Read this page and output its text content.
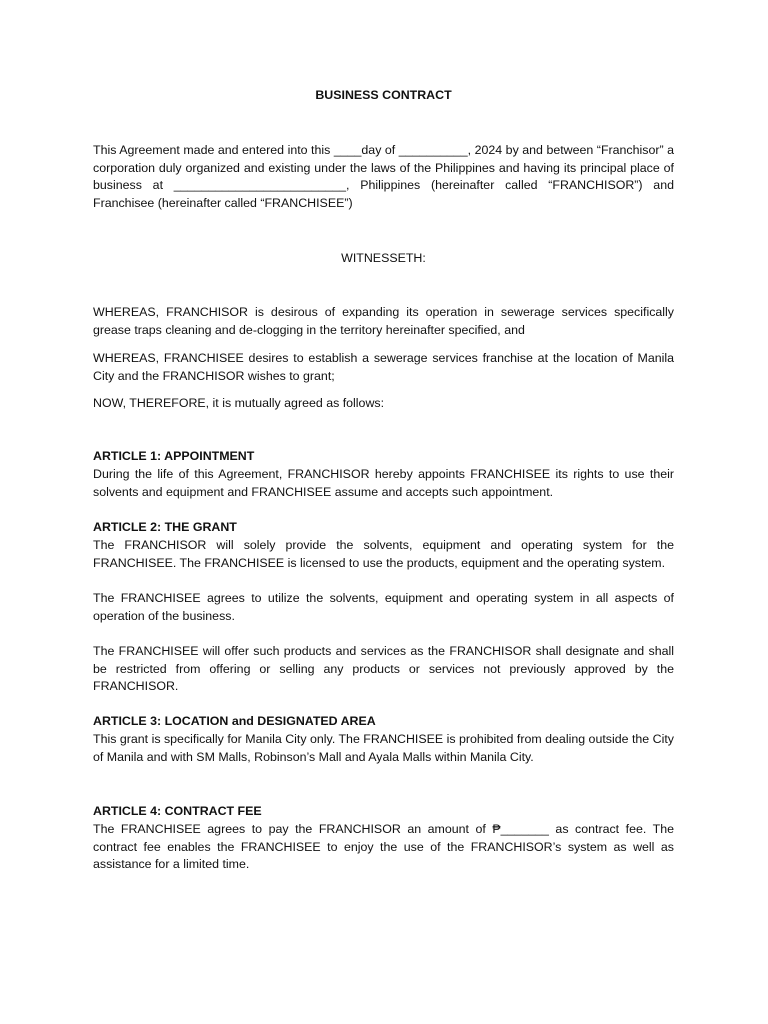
BUSINESS CONTRACT

This Agreement made and entered into this ____day of __________, 2024 by and between “Franchisor” a corporation duly organized and existing under the laws of the Philippines and having its principal place of business at _________________________, Philippines (hereinafter called “FRANCHISOR”) and Franchisee (hereinafter called “FRANCHISEE”)

WITNESSETH:

WHEREAS, FRANCHISOR is desirous of expanding its operation in sewerage services specifically grease traps cleaning and de-clogging in the territory hereinafter specified, and

WHEREAS, FRANCHISEE desires to establish a sewerage services franchise at the location of Manila City and the FRANCHISOR wishes to grant;

NOW, THEREFORE, it is mutually agreed as follows:

ARTICLE 1: APPOINTMENT

During the life of this Agreement, FRANCHISOR hereby appoints FRANCHISEE its rights to use their solvents and equipment and FRANCHISEE assume and accepts such appointment.

ARTICLE 2: THE GRANT

The FRANCHISOR will solely provide the solvents, equipment and operating system for the FRANCHISEE. The FRANCHISEE is licensed to use the products, equipment and the operating system.

The FRANCHISEE agrees to utilize the solvents, equipment and operating system in all aspects of operation of the business.

The FRANCHISEE will offer such products and services as the FRANCHISOR shall designate and shall be restricted from offering or selling any products or services not previously approved by the FRANCHISOR.

ARTICLE 3: LOCATION and DESIGNATED AREA

This grant is specifically for Manila City only. The FRANCHISEE is prohibited from dealing outside the City of Manila and with SM Malls, Robinson’s Mall and Ayala Malls within Manila City.

ARTICLE 4: CONTRACT FEE

The FRANCHISEE agrees to pay the FRANCHISOR an amount of ₱_______ as contract fee. The contract fee enables the FRANCHISEE to enjoy the use of the FRANCHISOR’s system as well as assistance for a limited time.
